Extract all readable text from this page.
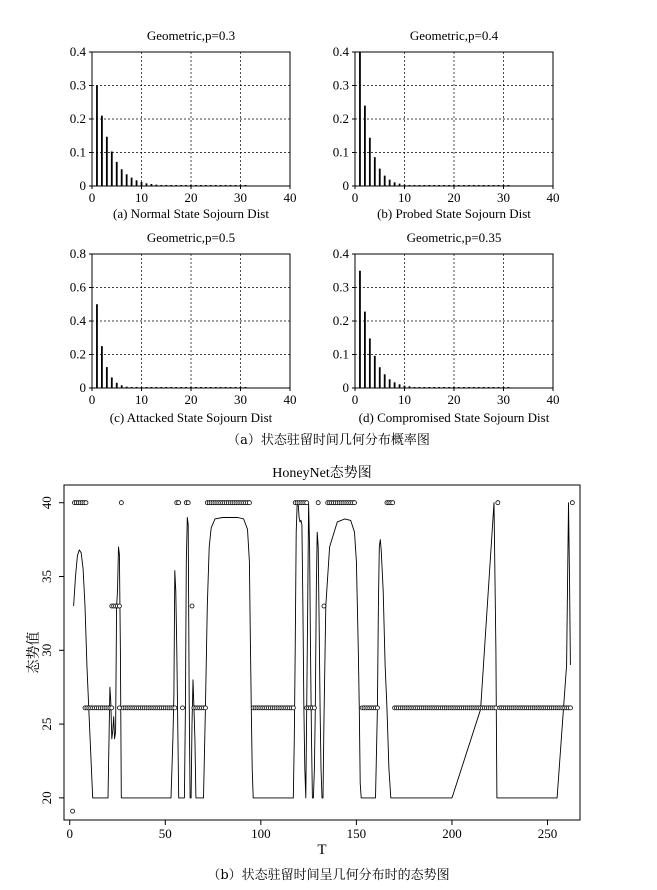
0	10	20	30	40
0
0.1
0.2
0.3
0.4
Geometric,p=0.3
(a) Normal State Sojourn Dist
0	10	20	30	40
0
0.1
0.2
0.3
0.4
Geometric,p=0.4
(b) Probed State Sojourn Dist
0	10	20	30	40
0
0.2
0.4
0.6
0.8
Geometric,p=0.5
(c) Attacked State Sojourn Dist
0	10	20	30	40
0
0.1
0.2
0.3
0.4
Geometric,p=0.35
(d) Compromised State Sojourn Dist
0	50	100	150	200	250
20
25
30
35
40
HoneyNet态势图
T
态势值
（a）状态驻留时间几何分布概率图
（b）状态驻留时间呈几何分布时的态势图
